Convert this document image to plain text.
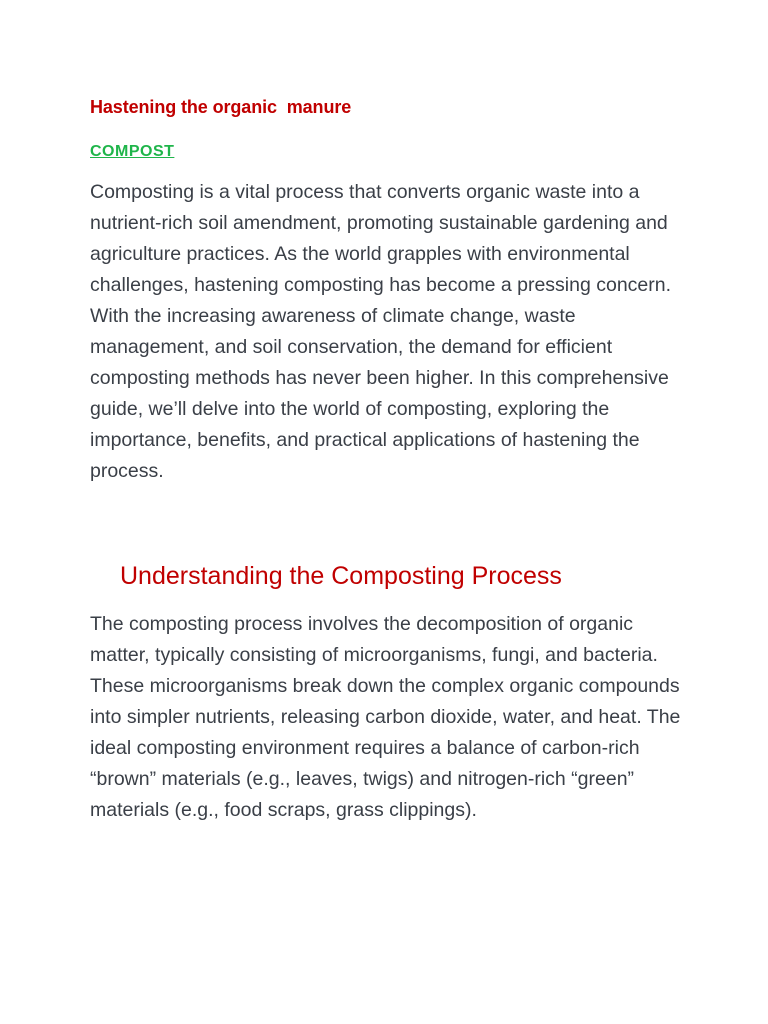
Hastening the organic  manure
COMPOST

Composting is a vital process that converts organic waste into a nutrient-rich soil amendment, promoting sustainable gardening and agriculture practices. As the world grapples with environmental challenges, hastening composting has become a pressing concern. With the increasing awareness of climate change, waste management, and soil conservation, the demand for efficient composting methods has never been higher. In this comprehensive guide, we’ll delve into the world of composting, exploring the importance, benefits, and practical applications of hastening the process.

Understanding the Composting Process

The composting process involves the decomposition of organic matter, typically consisting of microorganisms, fungi, and bacteria. These microorganisms break down the complex organic compounds into simpler nutrients, releasing carbon dioxide, water, and heat. The ideal composting environment requires a balance of carbon-rich “brown” materials (e.g., leaves, twigs) and nitrogen-rich “green” materials (e.g., food scraps, grass clippings).
